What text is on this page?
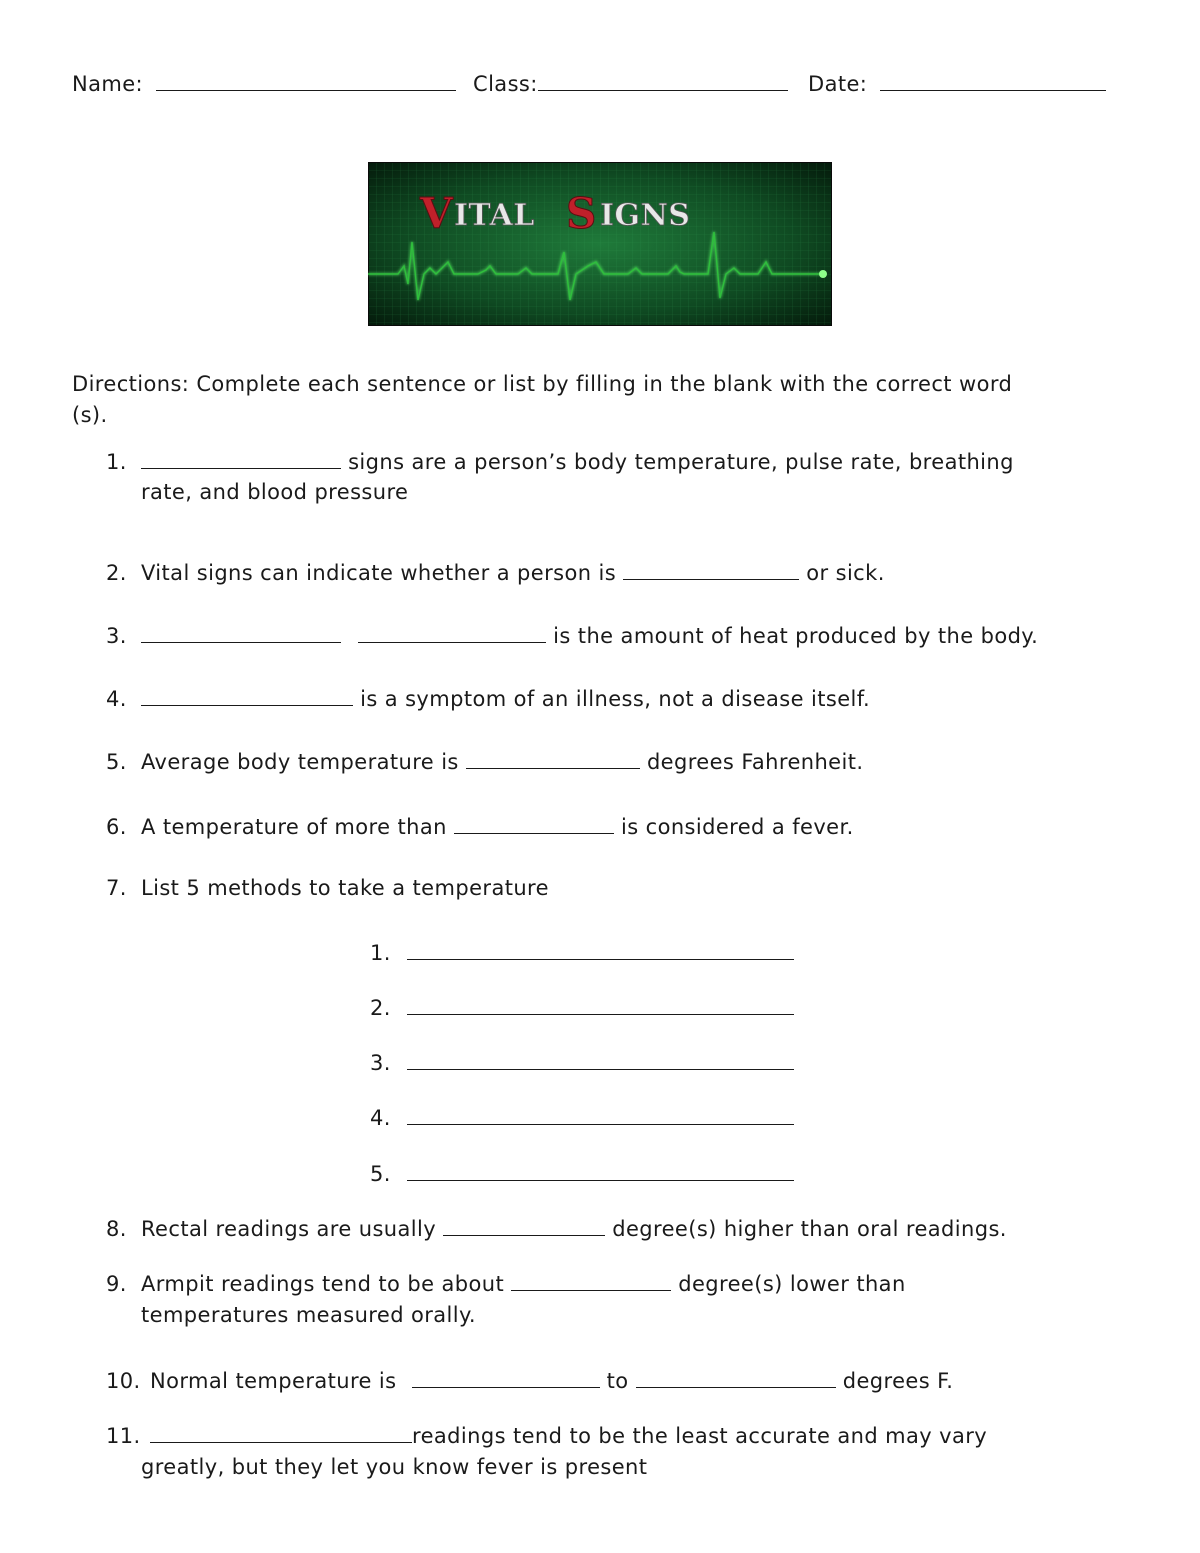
Name:	Class:	Date:
V ITAL S IGNS
Directions: Complete each sentence or list by filling in the blank with the correct word
(s).
1.	signs are a person’s body temperature, pulse rate, breathing
rate, and blood pressure
2. Vital signs can indicate whether a person is	or sick.
3.	is the amount of heat produced by the body.
4.	is a symptom of an illness, not a disease itself.
5. Average body temperature is	degrees Fahrenheit.
6. A temperature of more than	is considered a fever.
7. List 5 methods to take a temperature
1.
2.
3.
4.
5.
8. Rectal readings are usually	degree(s) higher than oral readings.
9. Armpit readings tend to be about	degree(s) lower than
temperatures measured orally.
10. Normal temperature is	to	degrees F.
11.	readings tend to be the least accurate and may vary
greatly, but they let you know fever is present
